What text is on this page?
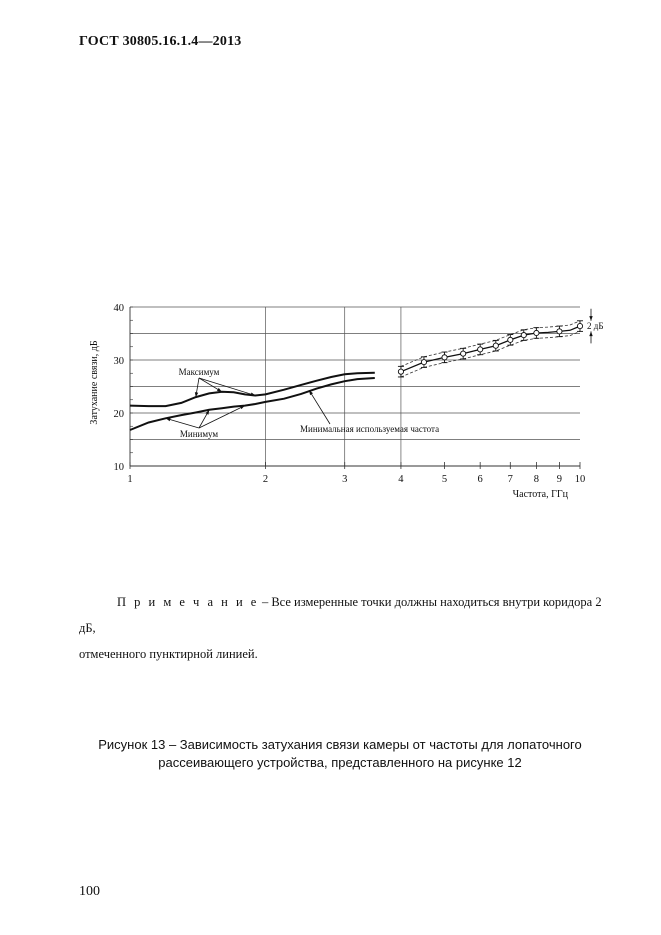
ГОСТ 30805.16.1.4—2013
Максимум
Минимум	Минимальная используемая частота
2 дБ
1	2	3	4	5	6 7 8 9 10
10
20
30
40
Частота, ГГц
Затухание связи, дБ
П р и м е ч а н и е – Все измеренные точки должны находиться внутри коридора 2 дБ,
отмеченного пунктирной линией.
Рисунок 13 – Зависимость затухания связи камеры от частоты для лопаточного
рассеивающего устройства, представленного на рисунке 12
100
